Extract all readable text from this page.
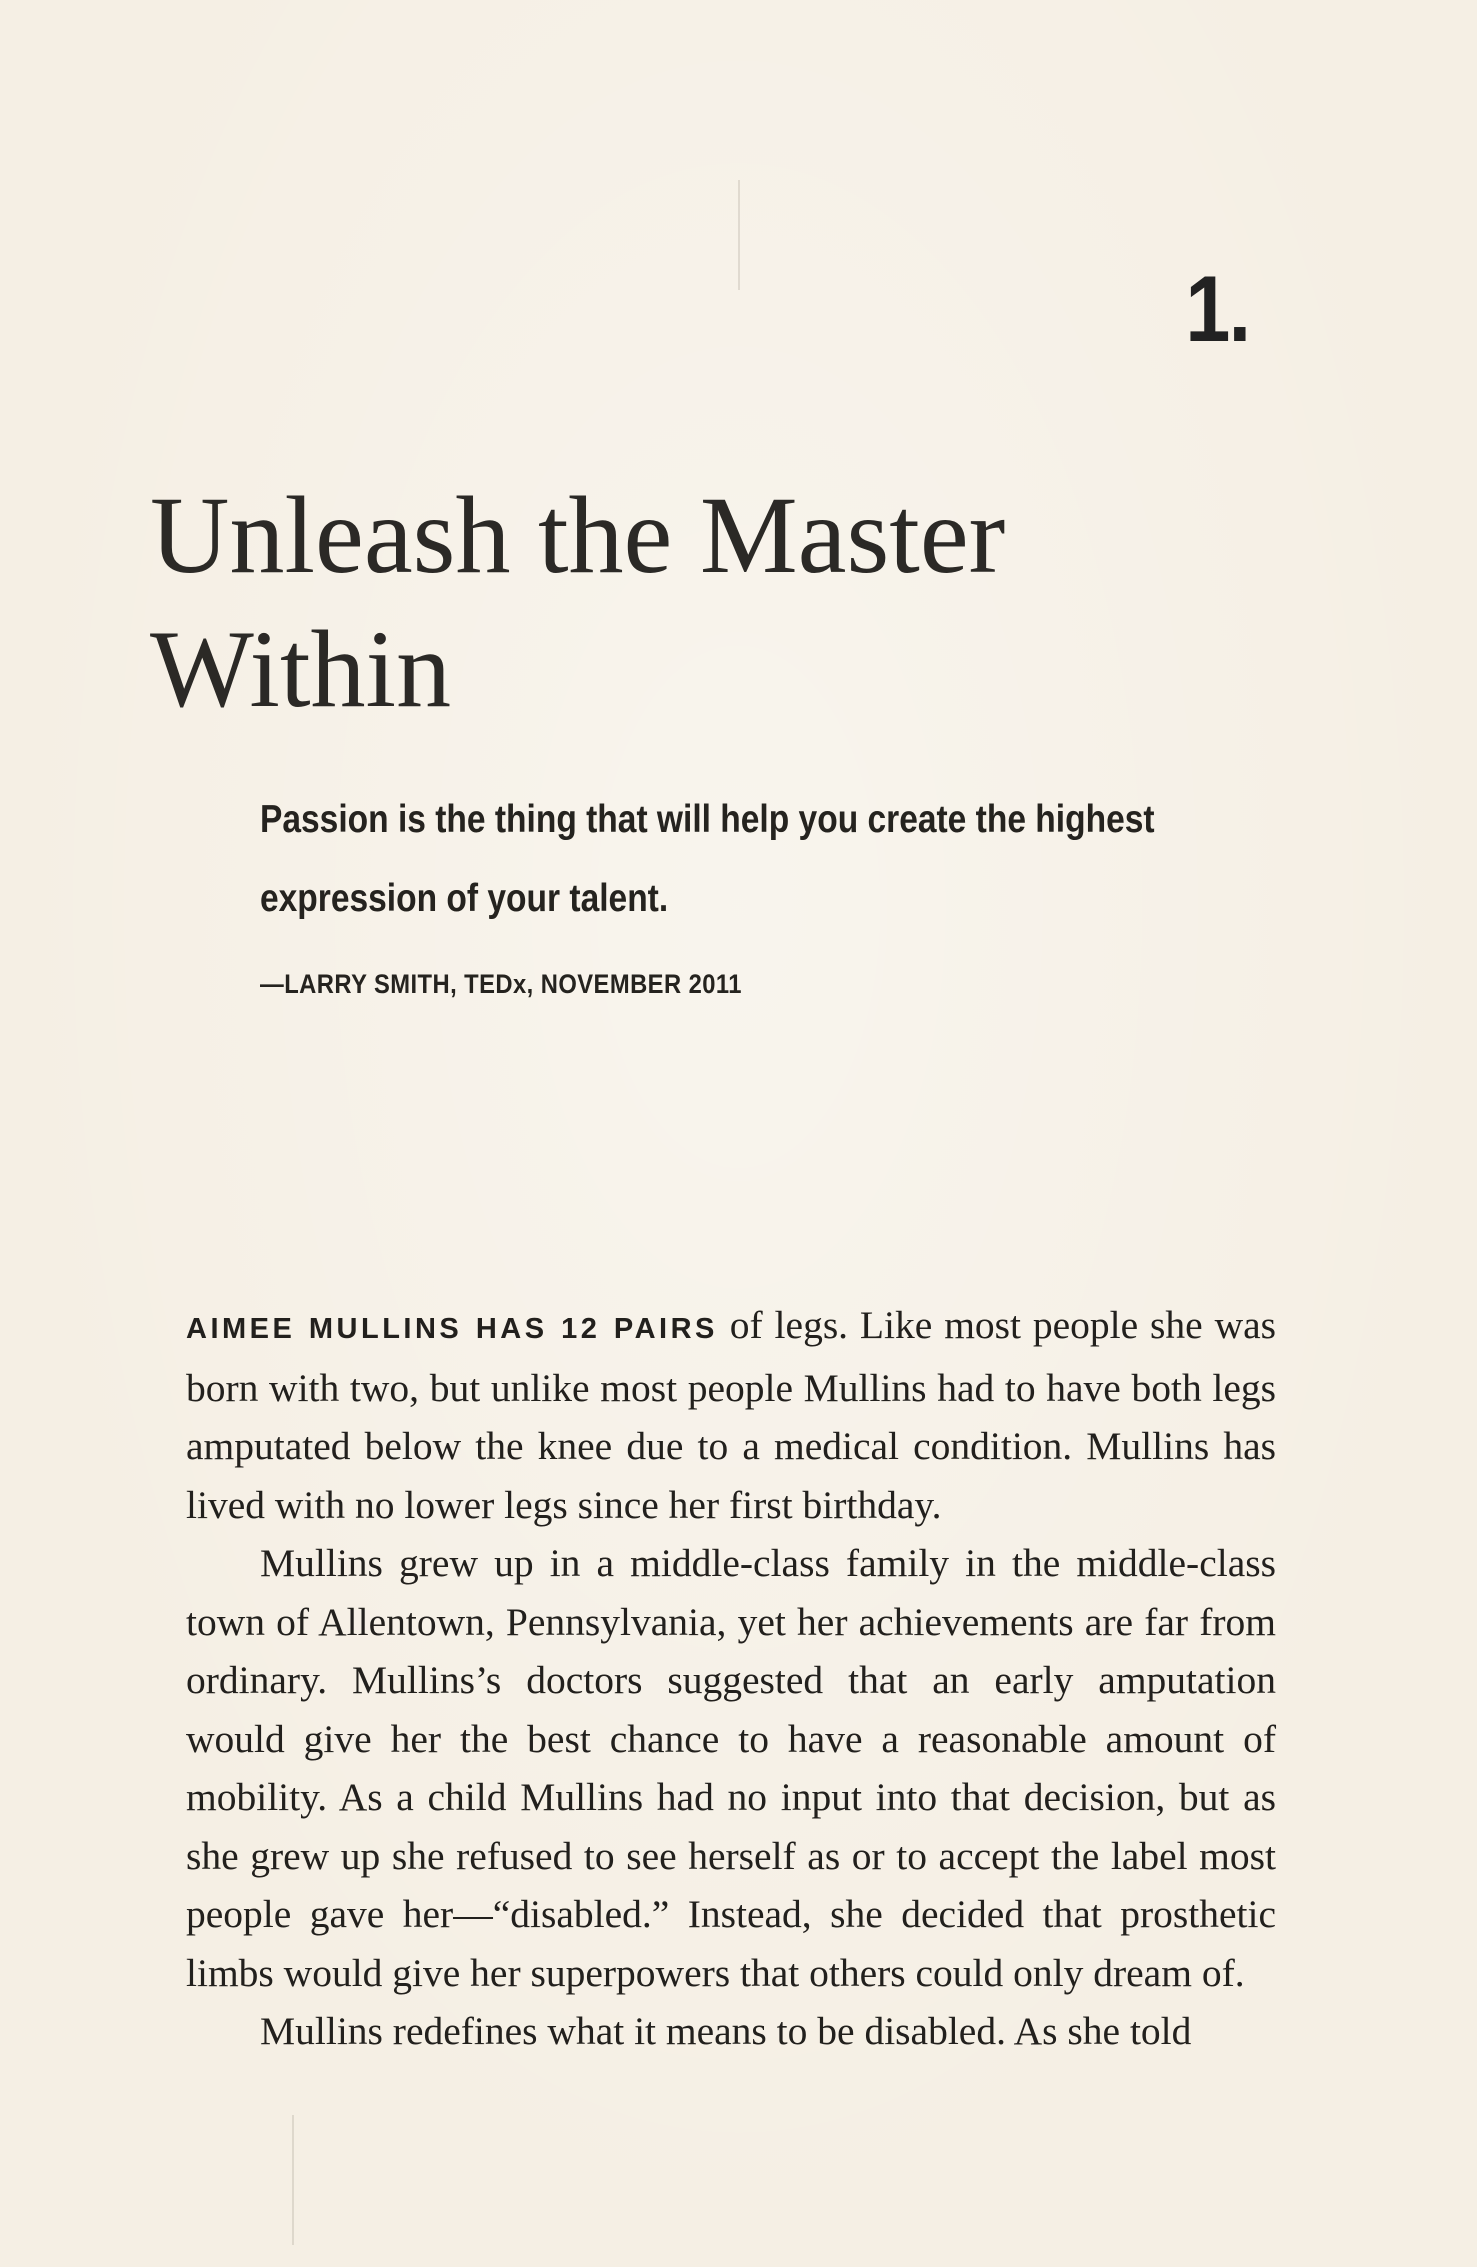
1.
Unleash the Master Within

Passion is the thing that will help you create the highest expression of your talent.

—LARRY SMITH, TEDx, NOVEMBER 2011

AIMEE MULLINS HAS 12 PAIRS of legs. Like most people she was born with two, but unlike most people Mullins had to have both legs amputated below the knee due to a medical condition. Mullins has lived with no lower legs since her first birthday.

Mullins grew up in a middle-class family in the middle-class town of Allentown, Pennsylvania, yet her achievements are far from ordinary. Mullins’s doctors suggested that an early amputation would give her the best chance to have a reasonable amount of mobility. As a child Mullins had no input into that decision, but as she grew up she refused to see herself as or to accept the label most people gave her—“disabled.” Instead, she decided that prosthetic limbs would give her superpowers that others could only dream of.

Mullins redefines what it means to be disabled. As she told
